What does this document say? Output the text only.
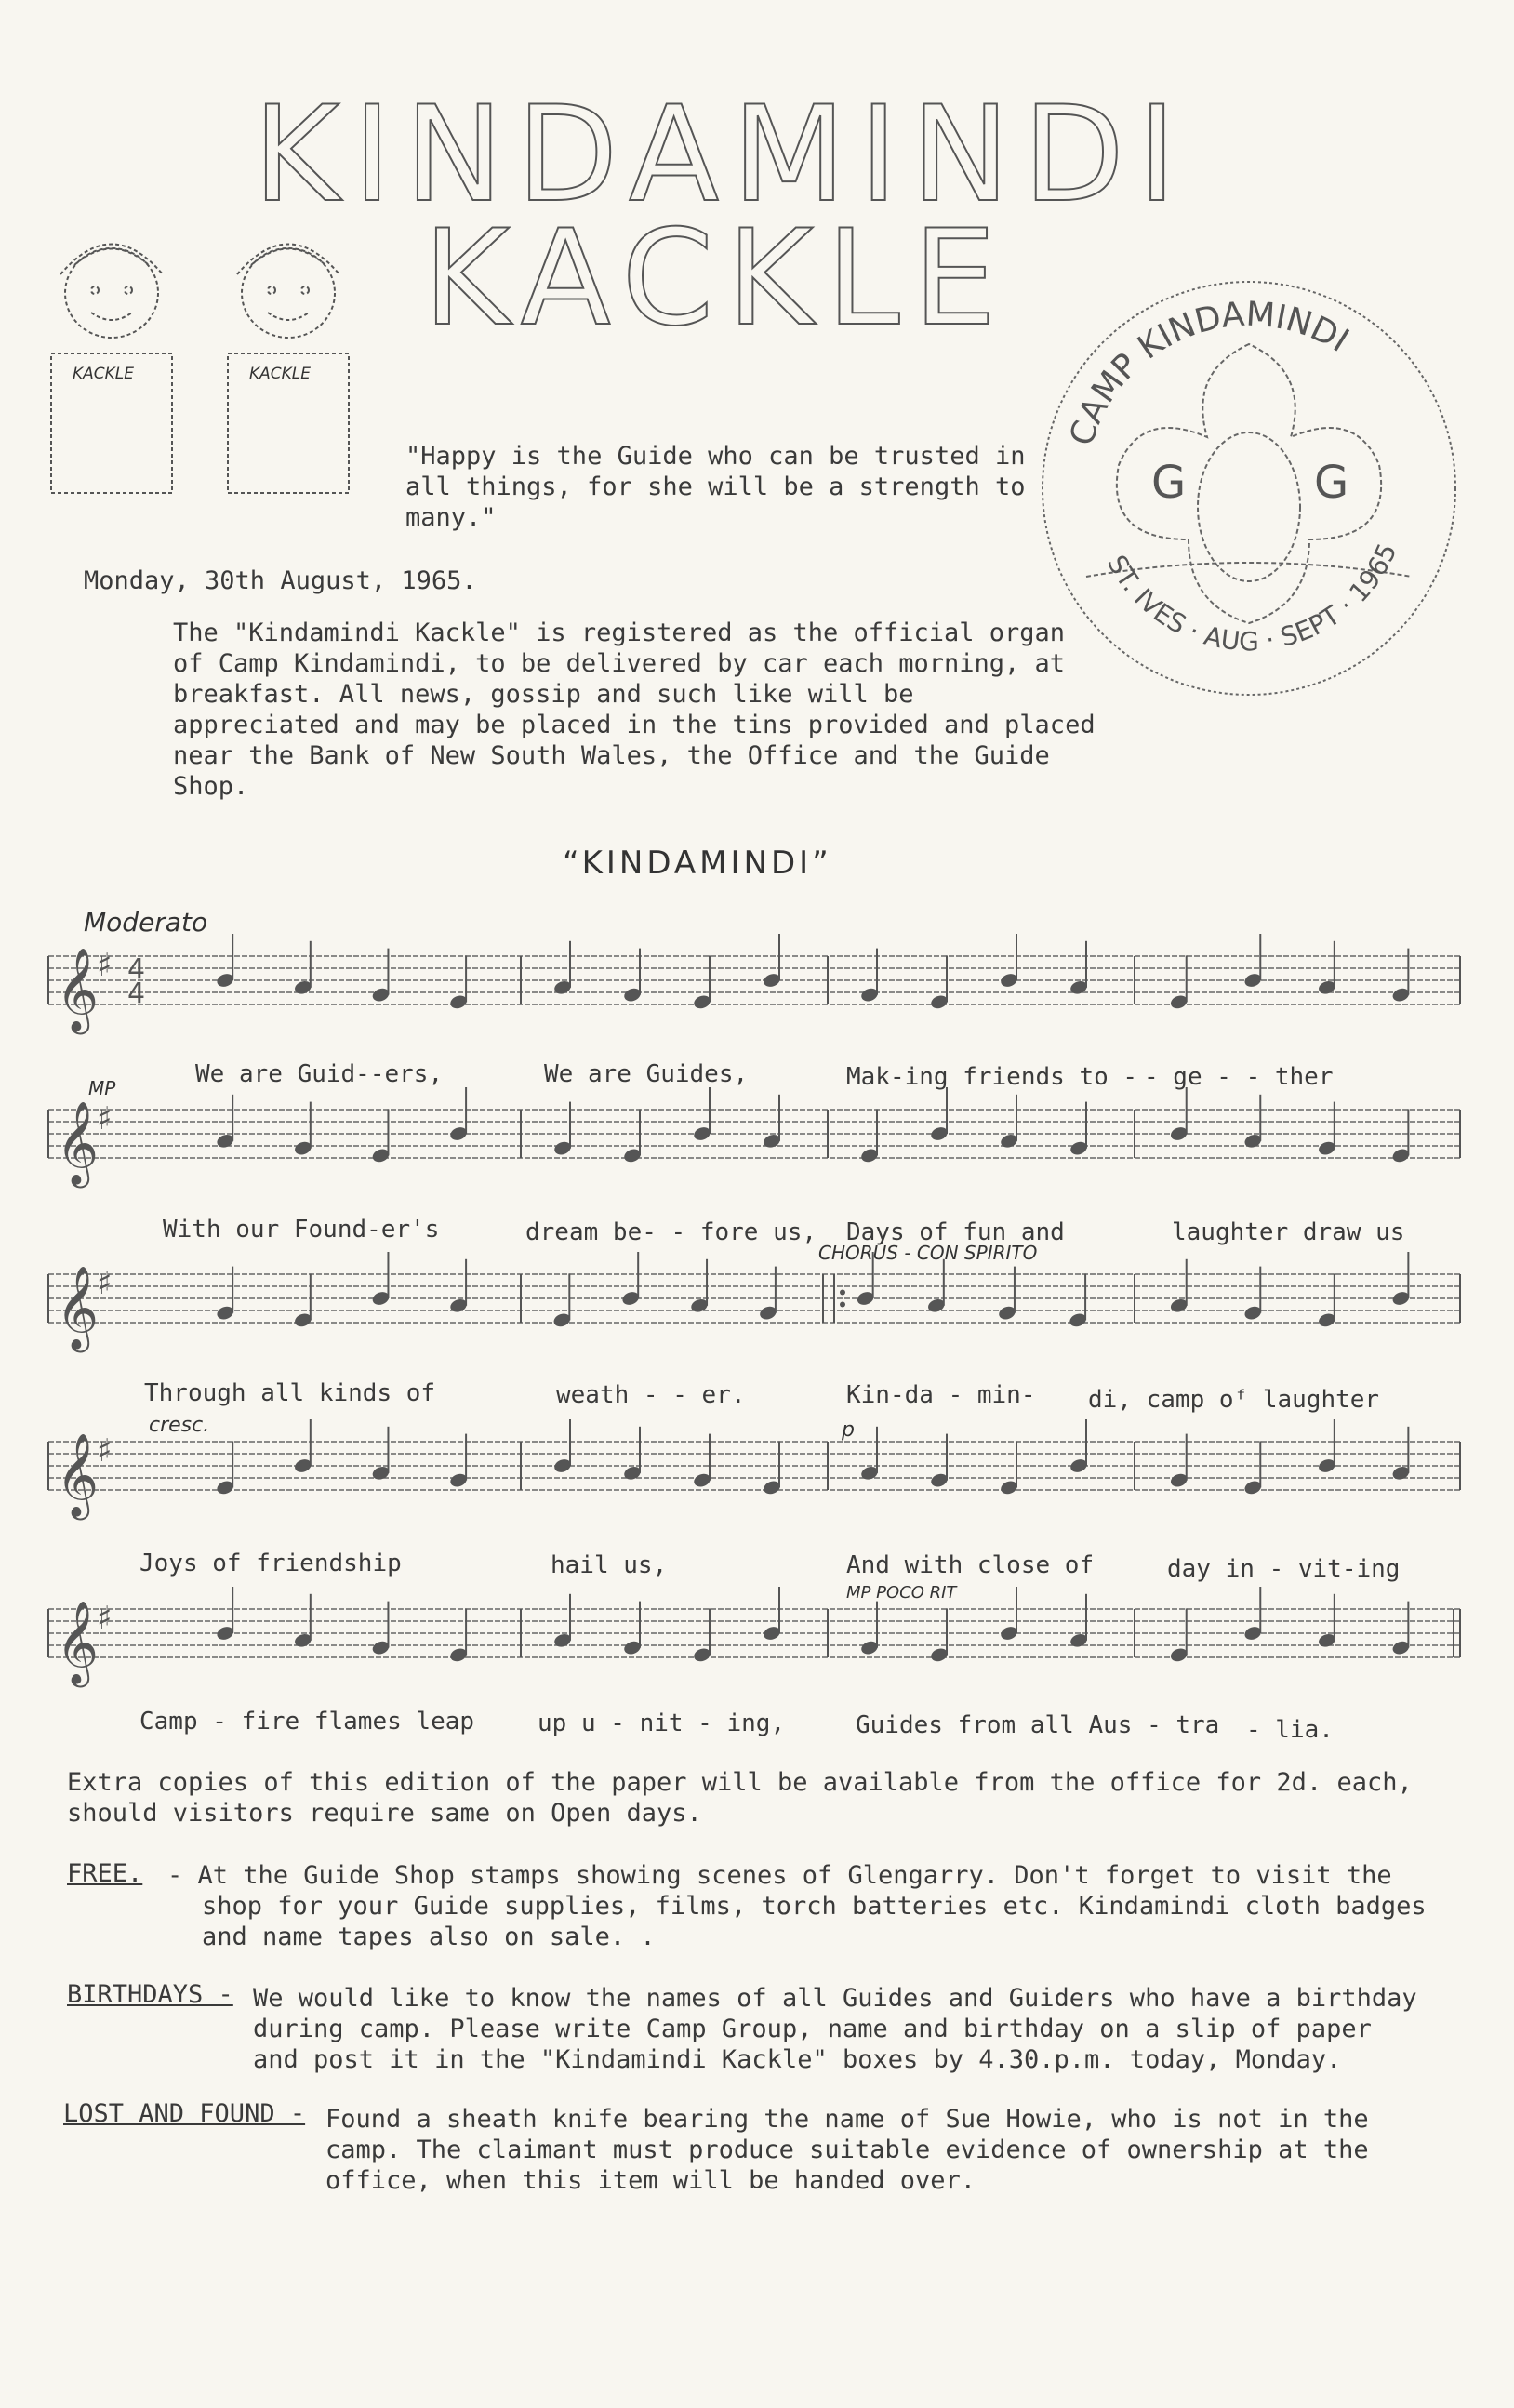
KINDAMINDI
KACKLE
KACKLE	KACKLE
CAMP KINDAMINDI
ST. IVES · AUG · SEPT · 1965
G	G
"Happy is the Guide who can be trusted in
all things, for she will be a strength to
many."
Monday, 30th August, 1965.
The "Kindamindi Kackle" is registered as the official organ
of Camp Kindamindi, to be delivered by car each morning, at
breakfast. All news, gossip and such like will be
appreciated and may be placed in the tins provided and placed
near the Bank of New South Wales, the Office and the Guide
Shop.
“KINDAMINDI”
Moderato
𝄞
♯ 4
4
𝄞
♯
𝄞
♯
𝄞
♯
𝄞
♯
MP
CHORUS - CON SPIRITO
cresc.	p
MP POCO RIT
We are Guid--ers,	We are Guides,	Mak-ing friends to - - ge - - ther
With our Found-er's	dream be- - fore us, Days of fun and	laughter draw us
Through all kinds of	weath - - er.	Kin-da - min- di, camp oᶠ laughter
Joys of friendship	hail us,	And with close of	day in - vit-ing
Camp - fire flames leap	up u - nit - ing,	Guides from all Aus - tra - lia.
Extra copies of this edition of the paper will be available from the office for 2d. each,
should visitors require same on Open days.
FREE. - At the Guide Shop stamps showing scenes of Glengarry. Don't forget to visit the
shop for your Guide supplies, films, torch batteries etc. Kindamindi cloth badges
and name tapes also on sale. .
BIRTHDAYS - We would like to know the names of all Guides and Guiders who have a birthday
during camp. Please write Camp Group, name and birthday on a slip of paper
and post it in the "Kindamindi Kackle" boxes by 4.30.p.m. today, Monday.
LOST AND FOUND - Found a sheath knife bearing the name of Sue Howie, who is not in the
camp. The claimant must produce suitable evidence of ownership at the
office, when this item will be handed over.
